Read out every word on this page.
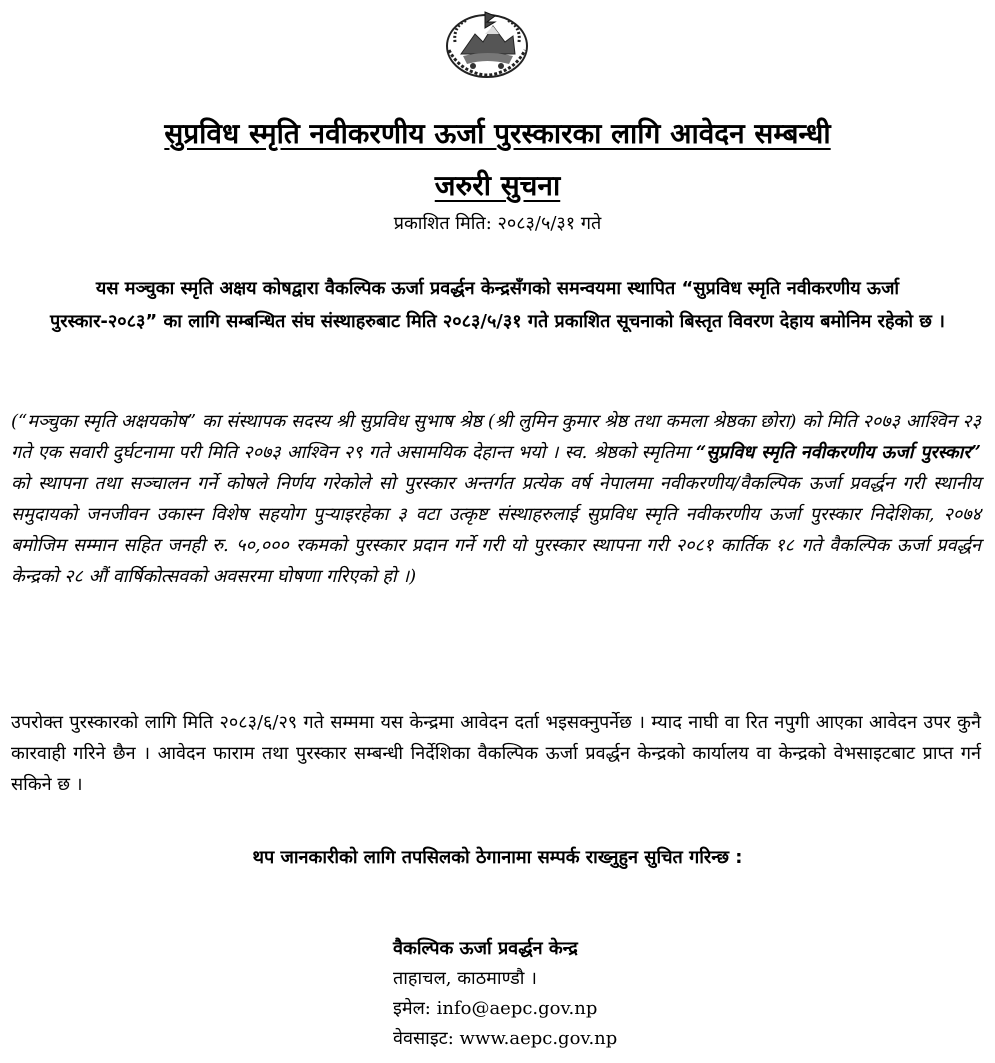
सुप्रविध स्मृति नवीकरणीय ऊर्जा पुरस्कारका लागि आवेदन सम्बन्धी
जरुरी सुचना
प्रकाशित मिति: २०८३/५/३१ गते
यस मञ्चुका स्मृति अक्षय कोषद्वारा वैकल्पिक ऊर्जा प्रवर्द्धन केन्द्रसँगको समन्वयमा स्थापित “सुप्रविध स्मृति नवीकरणीय ऊर्जा पुरस्कार-२०८३” का लागि सम्बन्धित संघ संस्थाहरुबाट मिति २०८३/५/३१ गते प्रकाशित सूचनाको बिस्तृत विवरण देहाय बमोनिम रहेको छ ।
(“मञ्चुका स्मृति अक्षयकोष” का संस्थापक सदस्य श्री सुप्रविध सुभाष श्रेष्ठ (श्री लुमिन कुमार श्रेष्ठ तथा कमला श्रेष्ठका छोरा) को मिति २०७३ आश्विन २३ गते एक सवारी दुर्घटनामा परी मिति २०७३ आश्विन २९ गते असामयिक देहान्त भयो । स्व. श्रेष्ठको स्मृतिमा “सुप्रविध स्मृति नवीकरणीय ऊर्जा पुरस्कार” को स्थापना तथा सञ्चालन गर्ने कोषले निर्णय गरेकोले सो पुरस्कार अन्तर्गत प्रत्येक वर्ष नेपालमा नवीकरणीय/वैकल्पिक ऊर्जा प्रवर्द्धन गरी स्थानीय समुदायको जनजीवन उकास्न विशेष सहयोग पुऱ्याइरहेका ३ वटा उत्कृष्ट संस्थाहरुलाई सुप्रविध स्मृति नवीकरणीय ऊर्जा पुरस्कार निदेशिका, २०७४ बमोजिम सम्मान सहित जनही रु. ५०,००० रकमको पुरस्कार प्रदान गर्ने गरी यो पुरस्कार स्थापना गरी २०८१ कार्तिक १८ गते वैकल्पिक ऊर्जा प्रवर्द्धन केन्द्रको २८ औं वार्षिकोत्सवको अवसरमा घोषणा गरिएको हो ।)
उपरोक्त पुरस्कारको लागि मिति २०८३/६/२९ गते सम्ममा यस केन्द्रमा आवेदन दर्ता भइसक्नुपर्नेछ । म्याद नाघी वा रित नपुगी आएका आवेदन उपर कुनै कारवाही गरिने छैन । आवेदन फाराम तथा पुरस्कार सम्बन्धी निर्देशिका वैकल्पिक ऊर्जा प्रवर्द्धन केन्द्रको कार्यालय वा केन्द्रको वेभसाइटबाट प्राप्त गर्न सकिने छ ।
थप जानकारीको लागि तपसिलको ठेगानामा सम्पर्क राख्नुहुन सुचित गरिन्छ :
वैकल्पिक ऊर्जा प्रवर्द्धन केन्द्र
ताहाचल, काठमाण्डौ ।
इमेल: info@aepc.gov.np
वेवसाइट: www.aepc.gov.np
